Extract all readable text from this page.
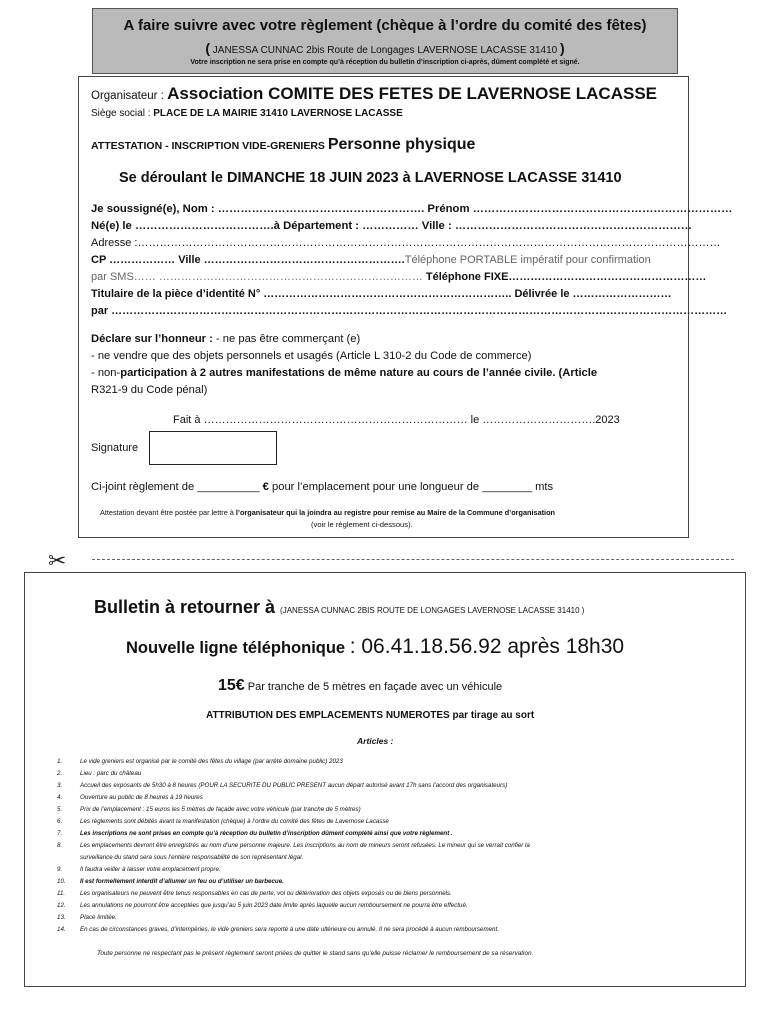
A faire suivre avec votre règlement (chèque à l’ordre du comité des fêtes)
( JANESSA CUNNAC 2bis Route de Longages LAVERNOSE LACASSE 31410 )
Votre inscription ne sera prise en compte qu’à réception du bulletin d’inscription ci-après, dûment complété et signé.
Organisateur : Association COMITE DES FETES DE LAVERNOSE LACASSE
Siège social : PLACE DE LA MAIRIE 31410 LAVERNOSE LACASSE
ATTESTATION - INSCRIPTION VIDE-GRENIERS Personne physique
Se déroulant le DIMANCHE 18 JUIN 2023 à LAVERNOSE LACASSE 31410
Je soussigné(e), Nom : ………………………………………………. Prénom ……………………………………………………………
Né(e) le ……………………………….à Département : …………… Ville : ………………………………………………………
Adresse :……………………………………………………………………………………………………………………………………………
CP ……………… Ville ……………………………………………….Téléphone PORTABLE impératif pour confirmation
par SMS…… ……………………………………………………………… Téléphone FIXE………………………………………………
Titulaire de la pièce d’identité N° ………………………………………………………….. Délivrée le ………………………
par ……………………………………………………………………………………………………………………………………………………
Déclare sur l’honneur : - ne pas être commerçant (e)
- ne vendre que des objets personnels et usagés (Article L 310-2 du Code de commerce)
- non-participation à 2 autres manifestations de même nature au cours de l’année civile. (Article
R321-9 du Code pénal)
Fait à ……………………………………………………………… le ………………………….2023
Signature
Ci-joint règlement de __________ € pour l’emplacement pour une longueur de ________ mts
Attestation devant être postée par lettre à l’organisateur qui la joindra au registre pour remise au Maire de la Commune d’organisation
(voir le règlement ci-dessous).
✂
Bulletin à retourner à (JANESSA CUNNAC 2BIS ROUTE DE LONGAGES LAVERNOSE LACASSE 31410 )
Nouvelle ligne téléphonique : 06.41.18.56.92 après 18h30
15€ Par tranche de 5 mètres en façade avec un véhicule
ATTRIBUTION DES EMPLACEMENTS NUMEROTES par tirage au sort
Articles :
1.	Le vide greniers est organisé par le comité des fêtes du village (par arrêté domaine public) 2023
2.	Lieu : parc du château
3.	Accueil des exposants de 5h30 à 8 heures (POUR LA SECURITE DU PUBLIC PRESENT aucun départ autorisé avant 17h sans l’accord des organisateurs)
4.	Ouverture au public de 8 heures à 19 heures
5.	Prix de l’emplacement : 15 euros les 5 mètres de façade avec votre véhicule (par tranche de 5 mètres)
6.	Les règlements sont débités avant la manifestation (chèque) à l’ordre du comité des fêtes de Lavernose Lacasse
7.	Les inscriptions ne sont prises en compte qu’à réception du bulletin d’inscription dûment complété ainsi que votre règlement .
8.	Les emplacements devront être enregistrés au nom d’une personne majeure. Les inscriptions au nom de mineurs seront refusées. Le mineur qui se verrait confier la
surveillance du stand sera sous l’entière responsabilité de son représentant légal.
9.	Il faudra veiller à laisser votre emplacement propre.
10. Il est formellement interdit d’allumer un feu ou d’utiliser un barbecue.
11. Les organisateurs ne peuvent être tenus responsables en cas de perte, vol ou détérioration des objets exposés ou de biens personnels.
12. Les annulations ne pourront être acceptées que jusqu’au 5 juin 2023 date limite après laquelle aucun remboursement ne pourra être effectué.
13. Place limitée.
14. En cas de circonstances graves, d’intempéries, le vide greniers sera reporté à une date ultérieure ou annulé. Il ne sera procédé à aucun remboursement.
Toute personne ne respectant pas le présent règlement seront priées de quitter le stand sans qu’elle puisse réclamer le remboursement de sa réservation.
